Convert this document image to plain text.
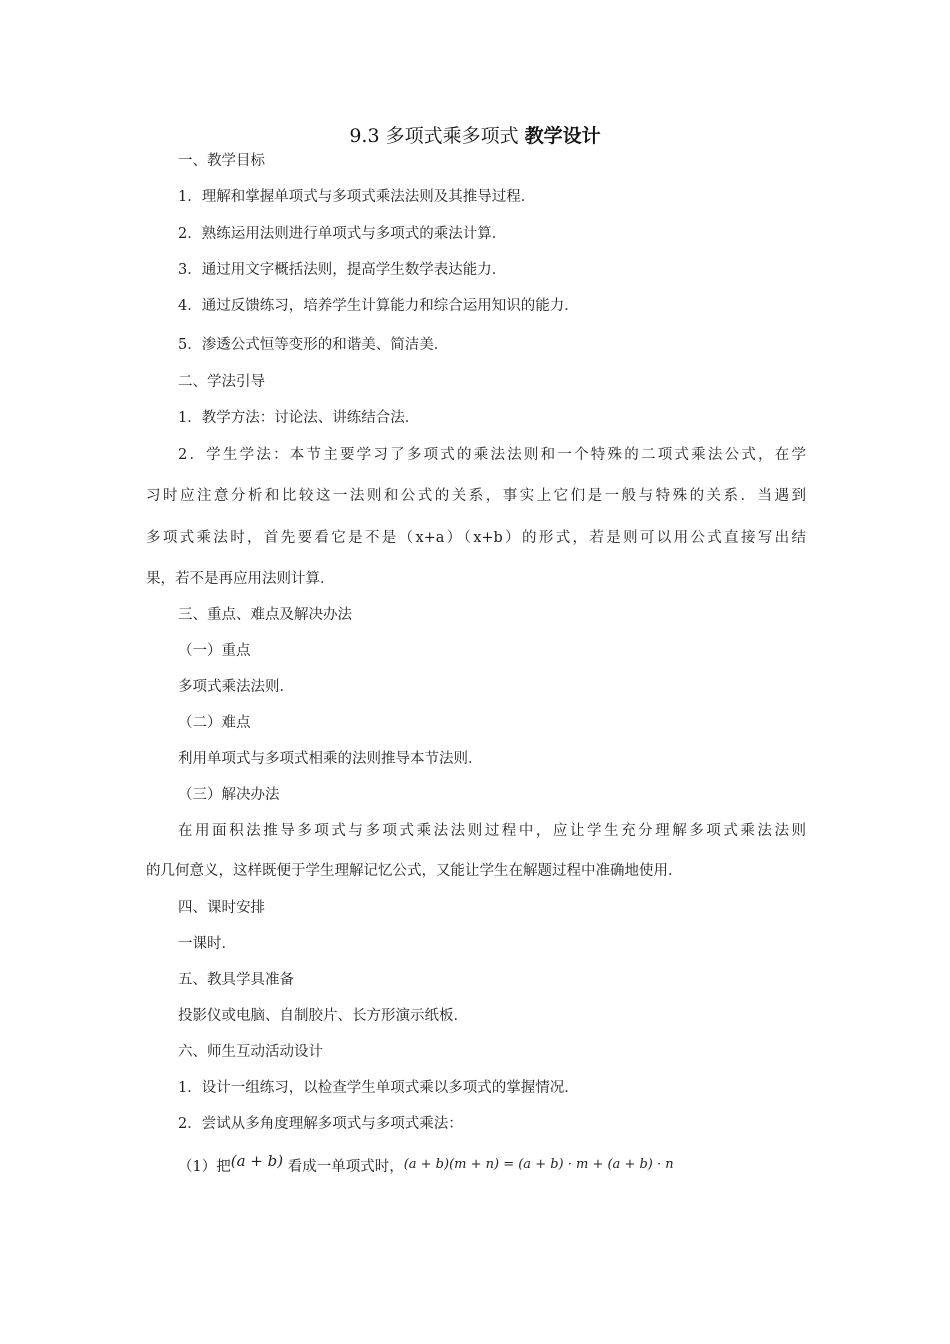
9.3 多项式乘多项式 教学设计
一、教学目标
1．理解和掌握单项式与多项式乘法法则及其推导过程．
2．熟练运用法则进行单项式与多项式的乘法计算．
3．通过用文字概括法则，提高学生数学表达能力．
4．通过反馈练习，培养学生计算能力和综合运用知识的能力．
5．渗透公式恒等变形的和谐美、简洁美．
二、学法引导
1．教学方法：讨论法、讲练结合法．
2．学生学法：本节主要学习了多项式的乘法法则和一个特殊的二项式乘法公式，在学
习时应注意分析和比较这一法则和公式的关系，事实上它们是一般与特殊的关系．当遇到
多项式乘法时，首先要看它是不是（x+a）（x+b）的形式，若是则可以用公式直接写出结
果，若不是再应用法则计算．
三、重点、难点及解决办法
（一）重点
多项式乘法法则．
（二）难点
利用单项式与多项式相乘的法则推导本节法则．
（三）解决办法
在用面积法推导多项式与多项式乘法法则过程中，应让学生充分理解多项式乘法法则
的几何意义，这样既便于学生理解记忆公式，又能让学生在解题过程中准确地使用．
四、课时安排
一课时．
五、教具学具准备
投影仪或电脑、自制胶片、长方形演示纸板．
六、师生互动活动设计
1．设计一组练习，以检查学生单项式乘以多项式的掌握情况．
2．尝试从多角度理解多项式与多项式乘法：
（1）把(a + b) 看成一单项式时，(a + b)(m + n) = (a + b) · m + (a + b) · n
